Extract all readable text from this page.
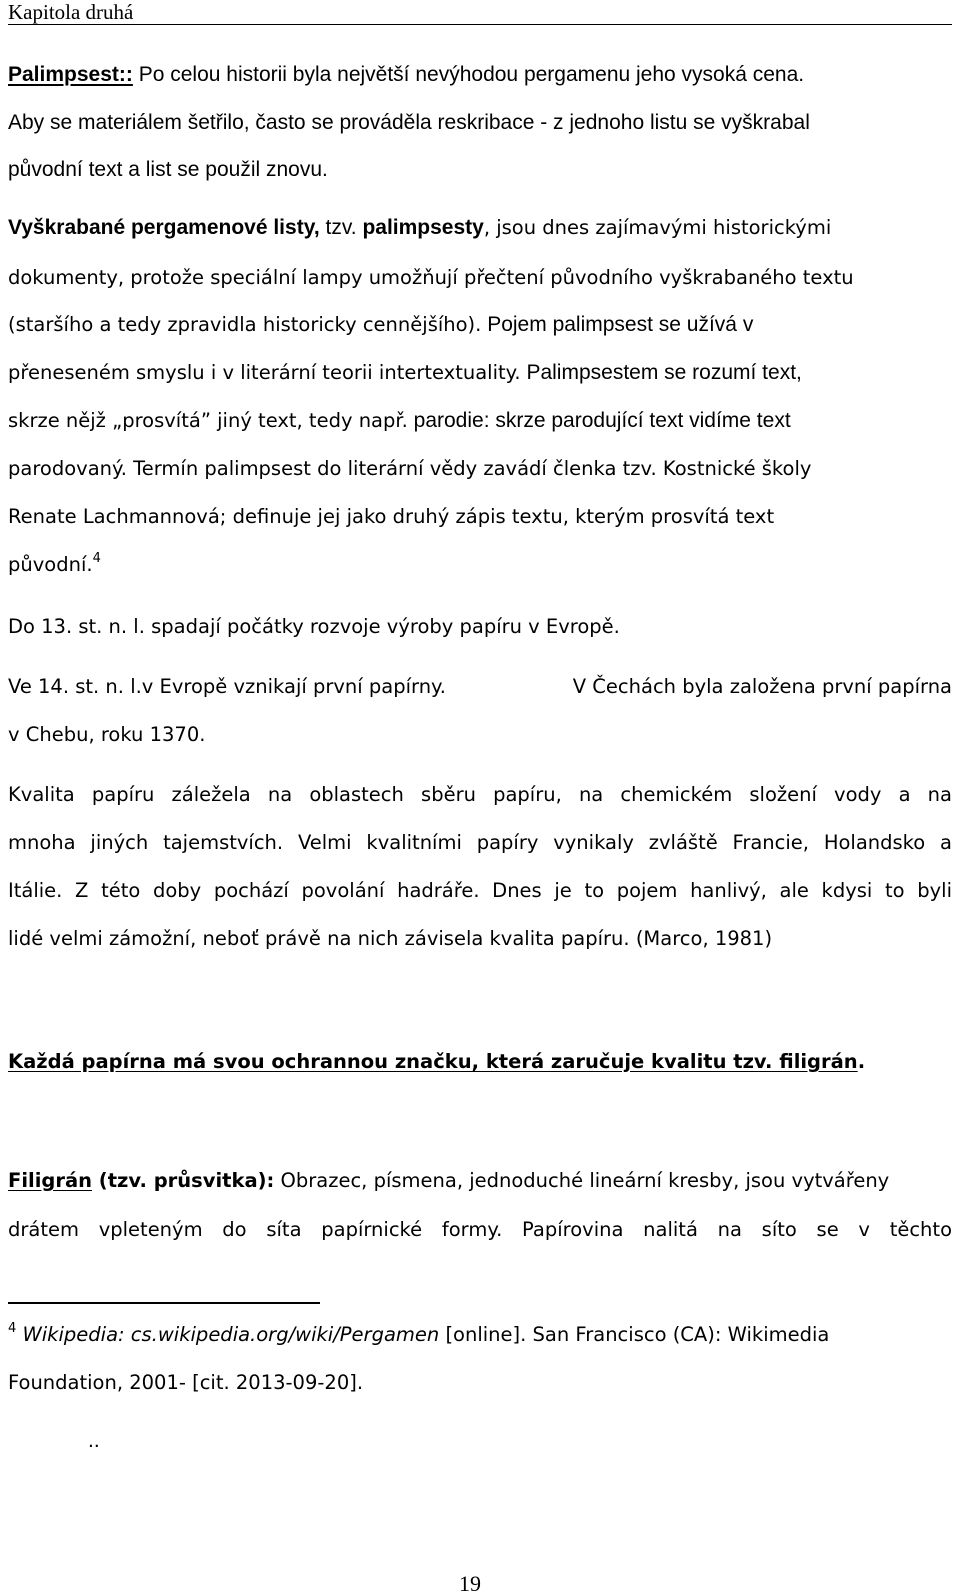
Kapitola druhá
Palimpsest:: Po celou historii byla největší nevýhodou pergamenu jeho vysoká cena.
Aby se materiálem šetřilo, často se prováděla reskribace - z jednoho listu se vyškrabal
původní text a list se použil znovu.
Vyškrabané pergamenové listy, tzv. palimpsesty, jsou dnes zajímavými historickými
dokumenty, protože speciální lampy umožňují přečtení původního vyškrabaného textu
(staršího a tedy zpravidla historicky cennějšího). Pojem palimpsest se užívá v
přeneseném smyslu i v literární teorii intertextuality. Palimpsestem se rozumí text,
skrze nějž „prosvítá” jiný text, tedy např. parodie: skrze parodující text vidíme text
parodovaný. Termín palimpsest do literární vědy zavádí členka tzv. Kostnické školy
Renate Lachmannová; definuje jej jako druhý zápis textu, kterým prosvítá text
původní.$^4$
Do 13. st. n. l. spadají počátky rozvoje výroby papíru v Evropě.
Ve 14. st. n. l.v Evropě vznikají první papírny.	V Čechách byla založena první papírna
v Chebu, roku 1370.
Kvalita papíru záležela na oblastech sběru papíru, na chemickém složení vody a na
mnoha jiných tajemstvích. Velmi kvalitními papíry vynikaly zvláště Francie, Holandsko a
Itálie. Z této doby pochází povolání hadráře. Dnes je to pojem hanlivý, ale kdysi to byli
lidé velmi zámožní, neboť právě na nich závisela kvalita papíru. (Marco, 1981)
Každá papírna má svou ochrannou značku, která zaručuje kvalitu tzv. filigrán.
Filigrán (tzv. průsvitka): Obrazec, písmena, jednoduché lineární kresby, jsou vytvářeny
drátem vpleteným do síta papírnické formy. Papírovina nalitá na síto se v těchto
$^4$ Wikipedia: cs.wikipedia.org/wiki/Pergamen [online]. San Francisco (CA): Wikimedia
Foundation, 2001- [cit. 2013-09-20].
..
19
